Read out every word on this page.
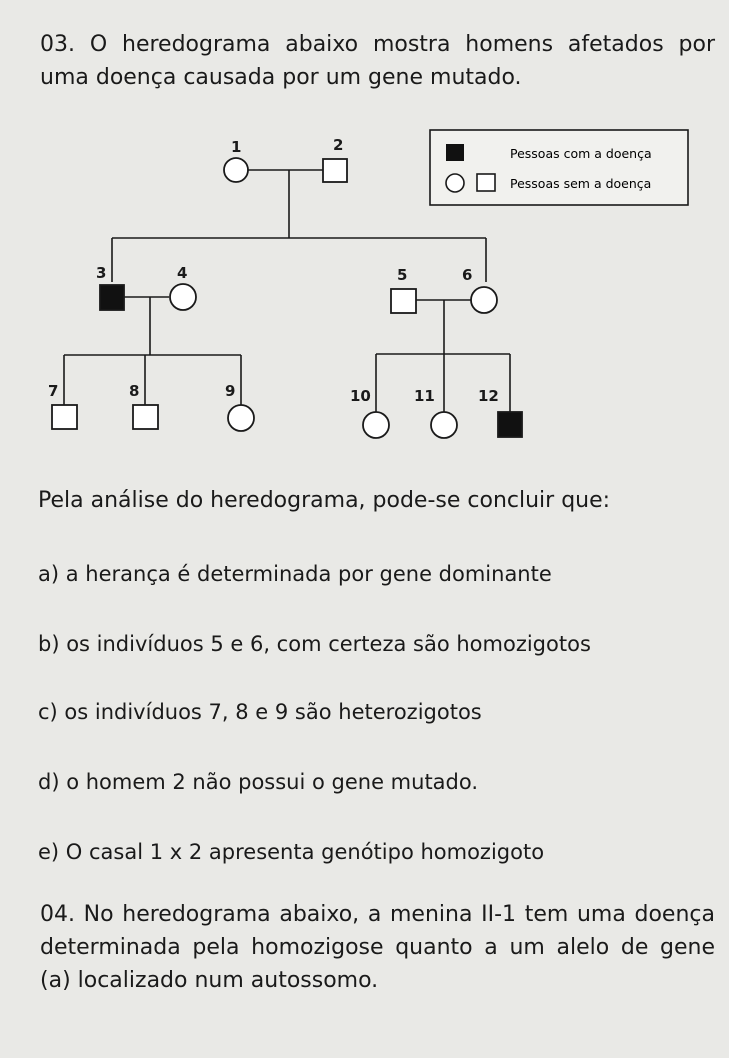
03. O heredograma abaixo mostra homens afetados por uma doença causada por um gene mutado.

Pessoas com a doença
Pessoas sem a doença
1	2
3	4	5	6
7	8	9	10	11	12

Pela análise do heredograma, pode-se concluir que:

a) a herança é determinada por gene dominante

b) os indivíduos 5 e 6, com certeza são homozigotos

c) os indivíduos 7, 8 e 9 são heterozigotos

d) o homem 2 não possui o gene mutado.

e) O casal 1 x 2 apresenta genótipo homozigoto

04. No heredograma abaixo, a menina II-1 tem uma doença determinada pela homozigose quanto a um alelo de gene (a) localizado num autossomo.
